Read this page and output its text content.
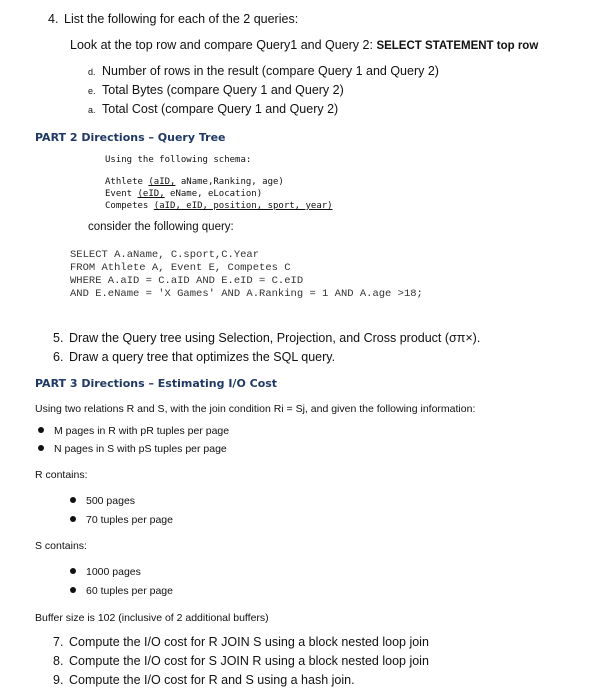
4. List the following for each of the 2 queries:
Look at the top row and compare Query1 and Query 2: SELECT STATEMENT top row
d. Number of rows in the result (compare Query 1 and Query 2)
e. Total Bytes (compare Query 1 and Query 2)
a. Total Cost (compare Query 1 and Query 2)
PART 2 Directions – Query Tree
Using the following schema:
Athlete (aID, aName,Ranking, age)
Event (eID, eName, eLocation)
Competes (aID, eID, position, sport, year)
consider the following query:
SELECT A.aName, C.sport,C.Year
FROM Athlete A, Event E, Competes C
WHERE A.aID = C.aID AND E.eID = C.eID
AND E.eName = 'X Games' AND A.Ranking = 1 AND A.age >18;
5. Draw the Query tree using Selection, Projection, and Cross product (σπ×).
6. Draw a query tree that optimizes the SQL query.
PART 3 Directions – Estimating I/O Cost
Using two relations R and S, with the join condition Ri = Sj, and given the following information:
M pages in R with pR tuples per page
N pages in S with pS tuples per page
R contains:
500 pages
70 tuples per page
S contains:
1000 pages
60 tuples per page
Buffer size is 102 (inclusive of 2 additional buffers)
7. Compute the I/O cost for R JOIN S using a block nested loop join
8. Compute the I/O cost for S JOIN R using a block nested loop join
9. Compute the I/O cost for R and S using a hash join.
